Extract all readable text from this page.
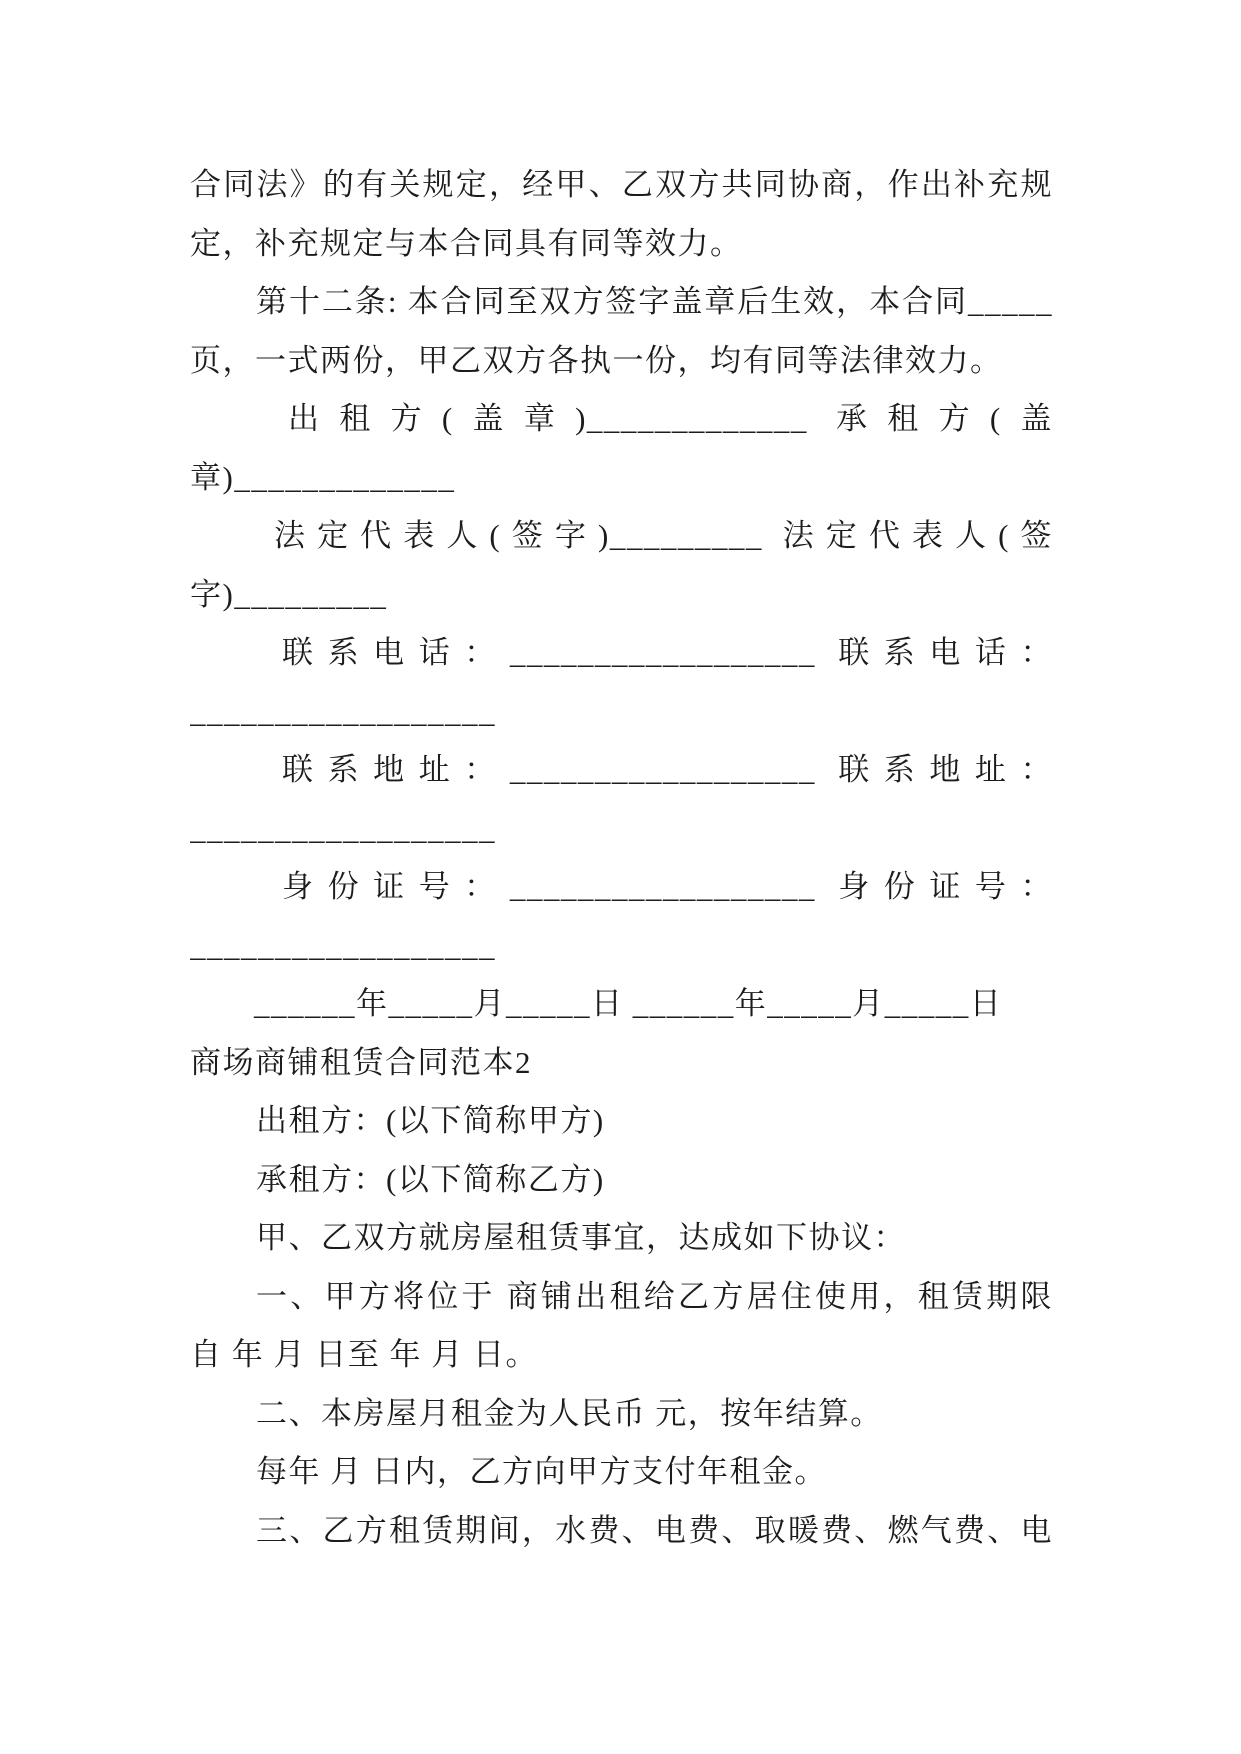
合同法》的有关规定，经甲、乙双方共同协商，作出补充规
定，补充规定与本合同具有同等效力。
第十二条: 本合同至双方签字盖章后生效，本合同_____
页，一式两份，甲乙双方各执一份，均有同等法律效力。
出租方(盖章)_____________ 承租方(盖
章)_____________
法定代表人(签字)_________ 法定代表人(签
字)_________
联系电话：__________________ 联系电话：
__________________
联系地址：__________________ 联系地址：
__________________
身份证号：__________________ 身份证号：
__________________
______年_____月_____日 ______年_____月_____日
商场商铺租赁合同范本2
出租方：(以下简称甲方)
承租方：(以下简称乙方)
甲、乙双方就房屋租赁事宜，达成如下协议：
一、甲方将位于 商铺出租给乙方居住使用，租赁期限
自 年 月 日至 年 月 日。
二、本房屋月租金为人民币 元，按年结算。
每年 月 日内，乙方向甲方支付年租金。
三、乙方租赁期间，水费、电费、取暖费、燃气费、电
